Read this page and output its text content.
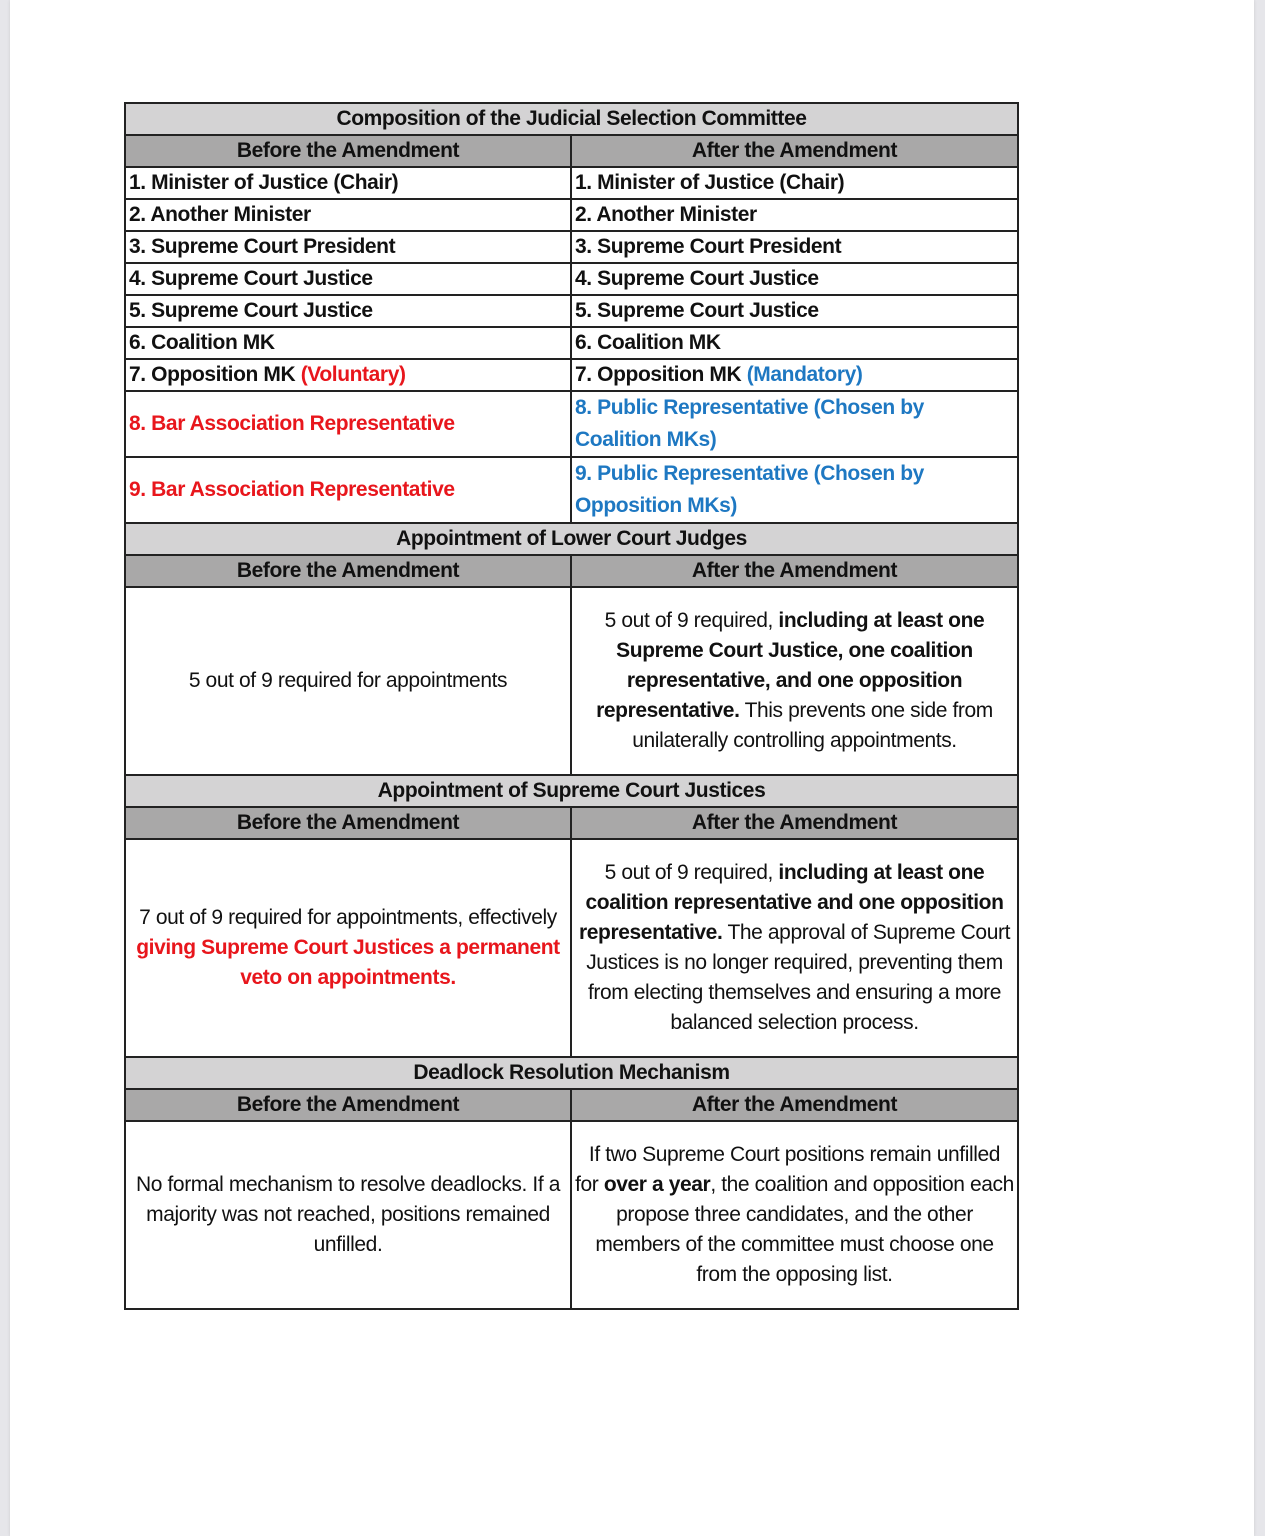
Composition of the Judicial Selection Committee	
Before the Amendment	After the Amendment
1. Minister of Justice (Chair)	1. Minister of Justice (Chair)
2. Another Minister	2. Another Minister
3. Supreme Court President	3. Supreme Court President
4. Supreme Court Justice	4. Supreme Court Justice
5. Supreme Court Justice	5. Supreme Court Justice
6. Coalition MK	6. Coalition MK
7. Opposition MK (Voluntary)	7. Opposition MK (Mandatory)
8. Bar Association Representative	8. Public Representative (Chosen by Coalition MKs)
9. Bar Association Representative	9. Public Representative (Chosen by Opposition MKs)
Appointment of Lower Court Judges	
Before the Amendment	After the Amendment
5 out of 9 required for appointments	5 out of 9 required, including at least one Supreme Court Justice, one coalition representative, and one opposition representative. This prevents one side from unilaterally controlling appointments.
Appointment of Supreme Court Justices	
Before the Amendment	After the Amendment
7 out of 9 required for appointments, effectively giving Supreme Court Justices a permanent veto on appointments.	5 out of 9 required, including at least one coalition representative and one opposition representative. The approval of Supreme Court Justices is no longer required, preventing them from electing themselves and ensuring a more balanced selection process.
Deadlock Resolution Mechanism	
Before the Amendment	After the Amendment
No formal mechanism to resolve deadlocks. If a majority was not reached, positions remained unfilled.	If two Supreme Court positions remain unfilled for over a year, the coalition and opposition each propose three candidates, and the other members of the committee must choose one from the opposing list.
